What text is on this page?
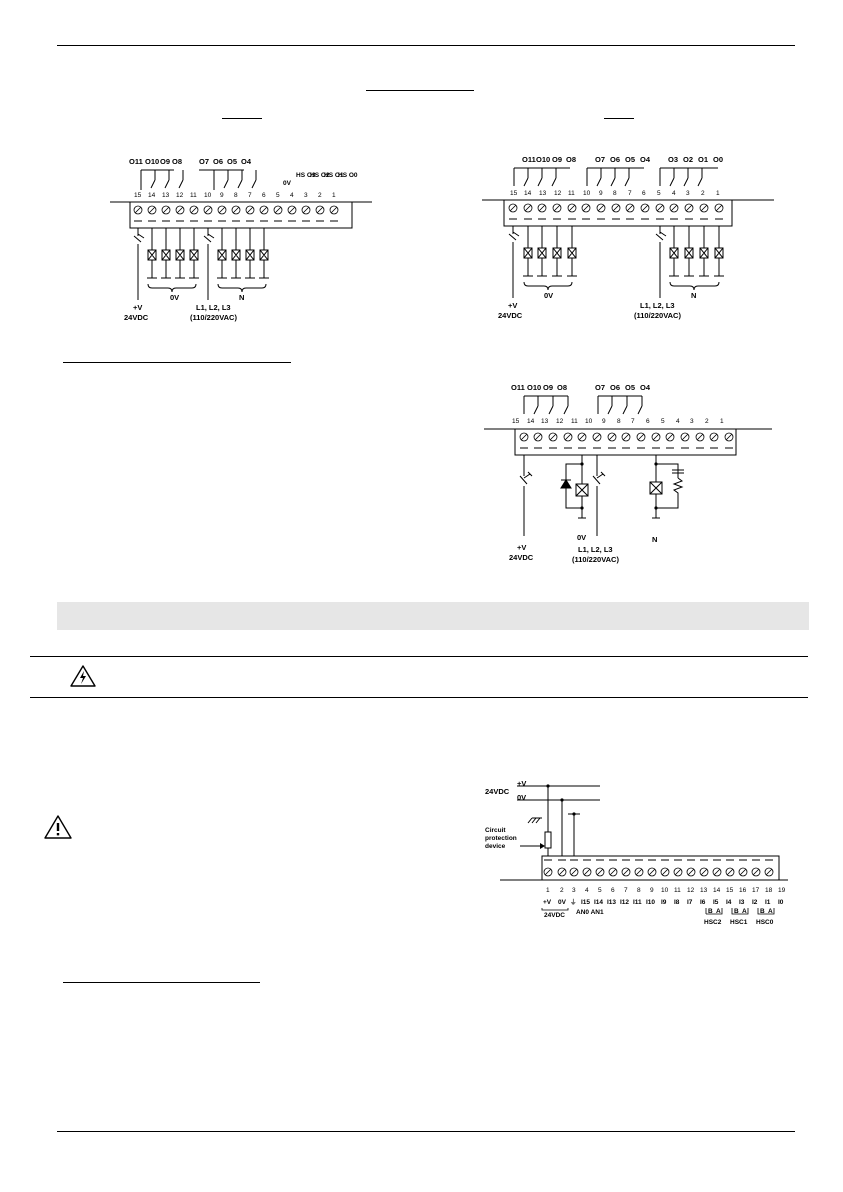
O11 O10 O9 O8 O7 O6 O5 O4
HS O3
HS O2
HS O1
HS O0
0V
15 14 13 12 11 10 9 8 7 6 5 4 3 2 1
0V	N
+V
24VDC
L1, L2, L3
(110/220VAC)
O11 O10 O9 O8	O7 O6 O5 O4 O3 O2 O1 O0
15 14 13 12 11 10 9 8 7 6 5 4 3 2 1
0V	N
+V
24VDC
L1, L2, L3
(110/220VAC)
O11 O10 O9 O8	O7 O6 O5 O4
15 14 13 12 11 10 9 8 7 6 5 4 3 2 1
0V	N
+V
24VDC
L1, L2, L3
(110/220VAC)
24VDC
+V
0V
Circuit
protection
device
1 2 3 4 5 6 7 8 9 10 11 12 13 14 15 16 17 18 19
+V 0V ⏚ I15 I14 I13 I12 I11 I10 I9 I8 I7 I6 I5 I4 I3 I2 I1 I0
24VDC AN0 AN1	B A B A B A
HSC2 HSC1 HSC0
